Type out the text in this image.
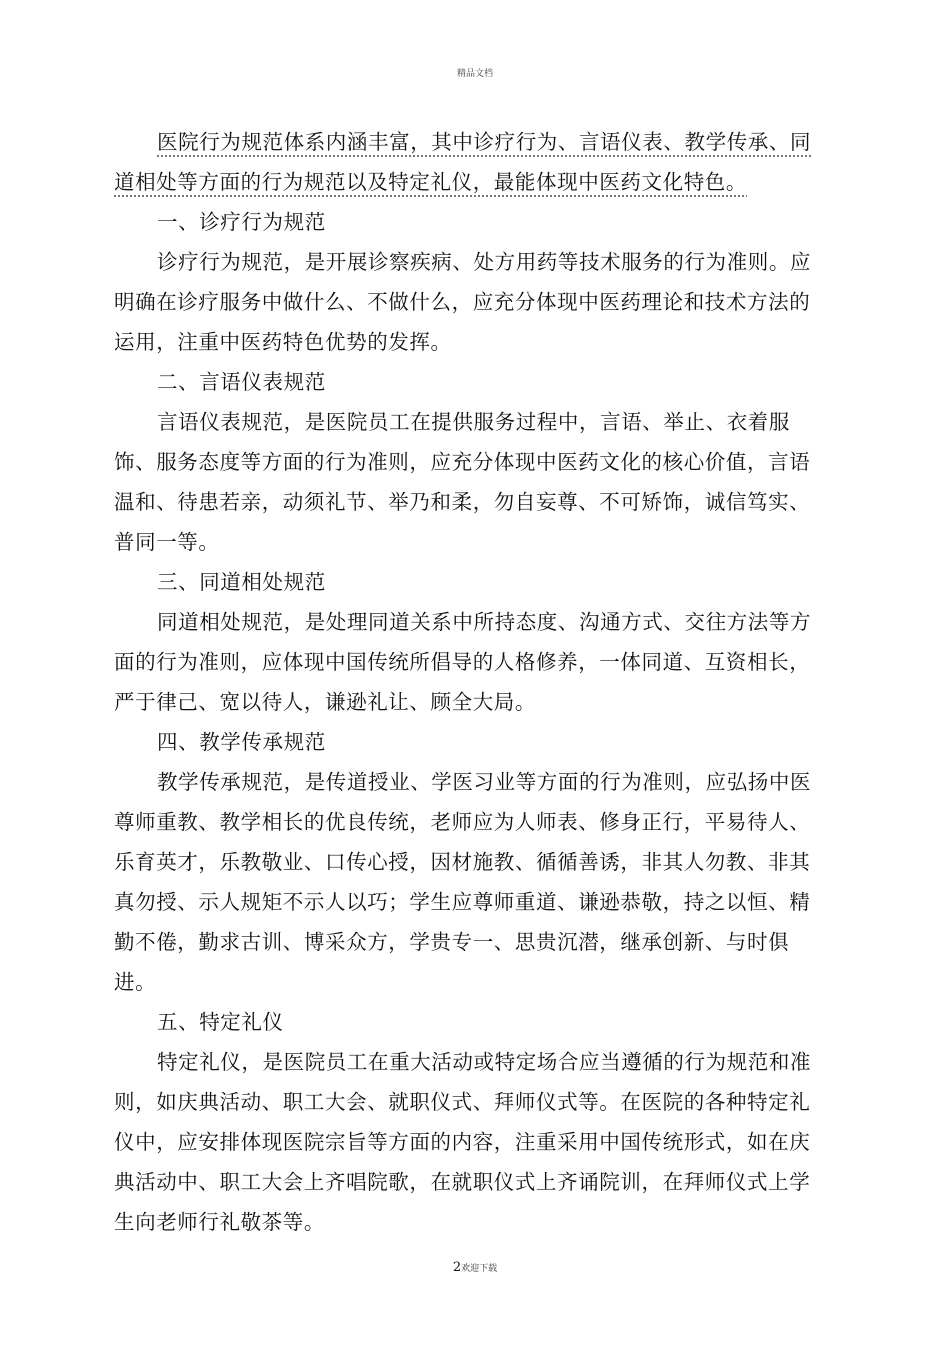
精品文档

医院行为规范体系内涵丰富，其中诊疗行为、言语仪表、教学传承、同道相处等方面的行为规范以及特定礼仪，最能体现中医药文化特色。

一、诊疗行为规范

诊疗行为规范，是开展诊察疾病、处方用药等技术服务的行为准则。应明确在诊疗服务中做什么、不做什么，应充分体现中医药理论和技术方法的运用，注重中医药特色优势的发挥。

二、言语仪表规范

言语仪表规范，是医院员工在提供服务过程中，言语、举止、衣着服饰、服务态度等方面的行为准则，应充分体现中医药文化的核心价值，言语温和、待患若亲，动须礼节、举乃和柔，勿自妄尊、不可矫饰，诚信笃实、普同一等。

三、同道相处规范

同道相处规范，是处理同道关系中所持态度、沟通方式、交往方法等方面的行为准则，应体现中国传统所倡导的人格修养，一体同道、互资相长，严于律己、宽以待人，谦逊礼让、顾全大局。

四、教学传承规范

教学传承规范，是传道授业、学医习业等方面的行为准则，应弘扬中医尊师重教、教学相长的优良传统，老师应为人师表、修身正行，平易待人、乐育英才，乐教敬业、口传心授，因材施教、循循善诱，非其人勿教、非其真勿授、示人规矩不示人以巧；学生应尊师重道、谦逊恭敬，持之以恒、精勤不倦，勤求古训、博采众方，学贵专一、思贵沉潜，继承创新、与时俱进。

五、特定礼仪

特定礼仪，是医院员工在重大活动或特定场合应当遵循的行为规范和准则，如庆典活动、职工大会、就职仪式、拜师仪式等。在医院的各种特定礼仪中，应安排体现医院宗旨等方面的内容，注重采用中国传统形式，如在庆典活动中、职工大会上齐唱院歌，在就职仪式上齐诵院训，在拜师仪式上学生向老师行礼敬茶等。

2欢迎下载
